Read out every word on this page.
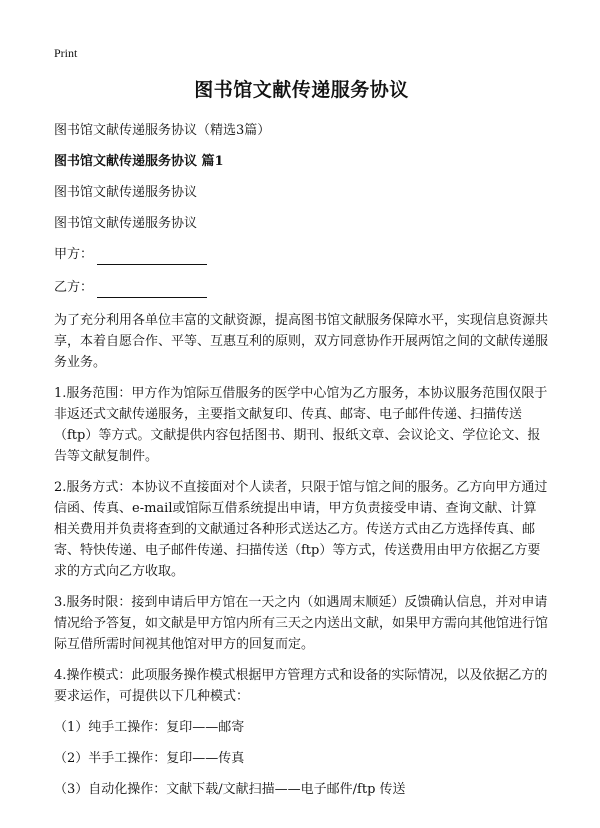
Print
图书馆文献传递服务协议

图书馆文献传递服务协议（精选3篇）

图书馆文献传递服务协议 篇1

图书馆文献传递服务协议

图书馆文献传递服务协议

甲方：
乙方：

为了充分利用各单位丰富的文献资源，提高图书馆文献服务保障水平，实现信息资源共享，本着自愿合作、平等、互惠互利的原则，双方同意协作开展两馆之间的文献传递服务业务。

1.服务范围：甲方作为馆际互借服务的医学中心馆为乙方服务，本协议服务范围仅限于非返还式文献传递服务，主要指文献复印、传真、邮寄、电子邮件传递、扫描传送（ftp）等方式。文献提供内容包括图书、期刊、报纸文章、会议论文、学位论文、报告等文献复制件。

2.服务方式：本协议不直接面对个人读者，只限于馆与馆之间的服务。乙方向甲方通过信函、传真、e-mail或馆际互借系统提出申请，甲方负责接受申请、查询文献、计算相关费用并负责将查到的文献通过各种形式送达乙方。传送方式由乙方选择传真、邮寄、特快传递、电子邮件传递、扫描传送（ftp）等方式，传送费用由甲方依据乙方要求的方式向乙方收取。

3.服务时限：接到申请后甲方馆在一天之内（如遇周末顺延）反馈确认信息，并对申请情况给予答复，如文献是甲方馆内所有三天之内送出文献，如果甲方需向其他馆进行馆际互借所需时间视其他馆对甲方的回复而定。

4.操作模式：此项服务操作模式根据甲方管理方式和设备的实际情况，以及依据乙方的要求运作，可提供以下几种模式：

（1）纯手工操作：复印——邮寄

（2）半手工操作：复印——传真

（3）自动化操作：文献下载/文献扫描——电子邮件/ftp 传送
